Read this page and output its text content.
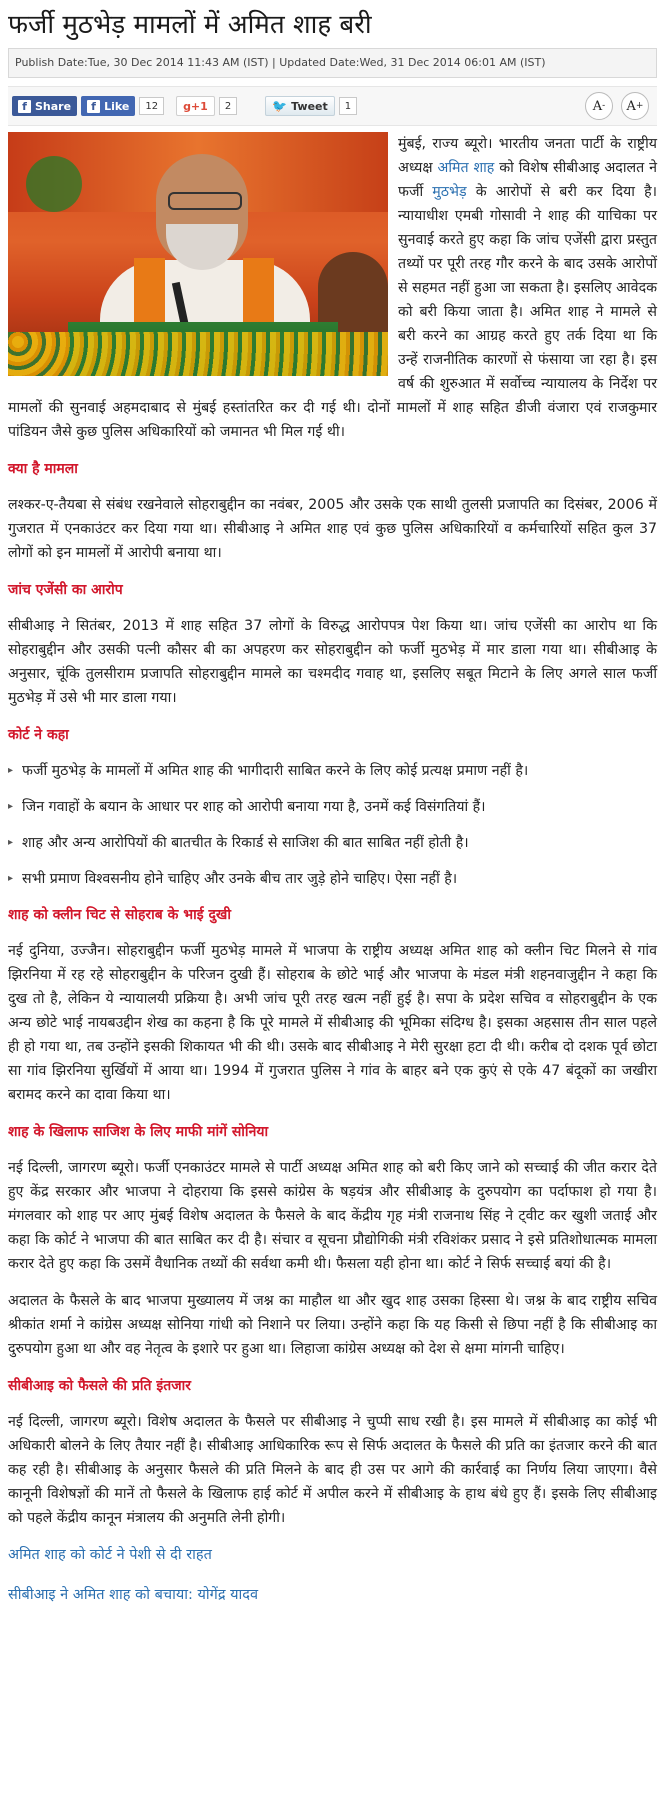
फर्जी मुठभेड़ मामलों में अमित शाह बरी
Publish Date:Tue, 30 Dec 2014 11:43 AM (IST) | Updated Date:Wed, 31 Dec 2014 06:01 AM (IST)
f Share	f Like	12	g+1	2	🐦 Tweet	1	A - A +

मुंबई, राज्य ब्यूरो। भारतीय जनता पार्टी के राष्ट्रीय अध्यक्ष अमित शाह को विशेष सीबीआइ अदालत ने फर्जी मुठभेड़ के आरोपों से बरी कर दिया है। न्यायाधीश एमबी गोसावी ने शाह की याचिका पर सुनवाई करते हुए कहा कि जांच एजेंसी द्वारा प्रस्तुत तथ्यों पर पूरी तरह गौर करने के बाद उसके आरोपों से सहमत नहीं हुआ जा सकता है। इसलिए आवेदक को बरी किया जाता है। अमित शाह ने मामले से बरी करने का आग्रह करते हुए तर्क दिया था कि उन्हें राजनीतिक कारणों से फंसाया जा रहा है। इस वर्ष की शुरुआत में सर्वोच्च न्यायालय के निर्देश पर मामलों की सुनवाई अहमदाबाद से मुंबई हस्तांतरित कर दी गई थी। दोनों मामलों में शाह सहित डीजी वंजारा एवं राजकुमार पांडियन जैसे कुछ पुलिस अधिकारियों को जमानत भी मिल गई थी।

क्या है मामला

लश्कर-ए-तैयबा से संबंध रखनेवाले सोहराबुद्दीन का नवंबर, 2005 और उसके एक साथी तुलसी प्रजापति का दिसंबर, 2006 में गुजरात में एनकाउंटर कर दिया गया था। सीबीआइ ने अमित शाह एवं कुछ पुलिस अधिकारियों व कर्मचारियों सहित कुल 37 लोगों को इन मामलों में आरोपी बनाया था।

जांच एजेंसी का आरोप

सीबीआइ ने सितंबर, 2013 में शाह सहित 37 लोगों के विरुद्ध आरोपपत्र पेश किया था। जांच एजेंसी का आरोप था कि सोहराबुद्दीन और उसकी पत्नी कौसर बी का अपहरण कर सोहराबुद्दीन को फर्जी मुठभेड़ में मार डाला गया था। सीबीआइ के अनुसार, चूंकि तुलसीराम प्रजापति सोहराबुद्दीन मामले का चश्मदीद गवाह था, इसलिए सबूत मिटाने के लिए अगले साल फर्जी मुठभेड़ में उसे भी मार डाला गया।

कोर्ट ने कहा
▸ फर्जी मुठभेड़ के मामलों में अमित शाह की भागीदारी साबित करने के लिए कोई प्रत्यक्ष प्रमाण नहीं है।
▸ जिन गवाहों के बयान के आधार पर शाह को आरोपी बनाया गया है, उनमें कई विसंगतियां हैं।
▸ शाह और अन्य आरोपियों की बातचीत के रिकार्ड से साजिश की बात साबित नहीं होती है।
▸ सभी प्रमाण विश्वसनीय होने चाहिए और उनके बीच तार जुड़े होने चाहिए। ऐसा नहीं है।
शाह को क्लीन चिट से सोहराब के भाई दुखी

नई दुनिया, उज्जैन। सोहराबुद्दीन फर्जी मुठभेड़ मामले में भाजपा के राष्ट्रीय अध्यक्ष अमित शाह को क्लीन चिट मिलने से गांव झिरनिया में रह रहे सोहराबुद्दीन के परिजन दुखी हैं। सोहराब के छोटे भाई और भाजपा के मंडल मंत्री शहनवाजुद्दीन ने कहा कि दुख तो है, लेकिन ये न्यायालयी प्रक्रिया है। अभी जांच पूरी तरह खत्म नहीं हुई है। सपा के प्रदेश सचिव व सोहराबुद्दीन के एक अन्य छोटे भाई नायबउद्दीन शेख का कहना है कि पूरे मामले में सीबीआइ की भूमिका संदिग्ध है। इसका अहसास तीन साल पहले ही हो गया था, तब उन्होंने इसकी शिकायत भी की थी। उसके बाद सीबीआइ ने मेरी सुरक्षा हटा दी थी। करीब दो दशक पूर्व छोटा सा गांव झिरनिया सुर्खियों में आया था। 1994 में गुजरात पुलिस ने गांव के बाहर बने एक कुएं से एके 47 बंदूकों का जखीरा बरामद करने का दावा किया था।

शाह के खिलाफ साजिश के लिए माफी मांगें सोनिया

नई दिल्ली, जागरण ब्यूरो। फर्जी एनकाउंटर मामले से पार्टी अध्यक्ष अमित शाह को बरी किए जाने को सच्चाई की जीत करार देते हुए केंद्र सरकार और भाजपा ने दोहराया कि इससे कांग्रेस के षड़यंत्र और सीबीआइ के दुरुपयोग का पर्दाफाश हो गया है। मंगलवार को शाह पर आए मुंबई विशेष अदालत के फैसले के बाद केंद्रीय गृह मंत्री राजनाथ सिंह ने ट्वीट कर खुशी जताई और कहा कि कोर्ट ने भाजपा की बात साबित कर दी है। संचार व सूचना प्रौद्योगिकी मंत्री रविशंकर प्रसाद ने इसे प्रतिशोधात्मक मामला करार देते हुए कहा कि उसमें वैधानिक तथ्यों की सर्वथा कमी थी। फैसला यही होना था। कोर्ट ने सिर्फ सच्चाई बयां की है।

अदालत के फैसले के बाद भाजपा मुख्यालय में जश्न का माहौल था और खुद शाह उसका हिस्सा थे। जश्न के बाद राष्ट्रीय सचिव श्रीकांत शर्मा ने कांग्रेस अध्यक्ष सोनिया गांधी को निशाने पर लिया। उन्होंने कहा कि यह किसी से छिपा नहीं है कि सीबीआइ का दुरुपयोग हुआ था और वह नेतृत्व के इशारे पर हुआ था। लिहाजा कांग्रेस अध्यक्ष को देश से क्षमा मांगनी चाहिए।

सीबीआइ को फैसले की प्रति इंतजार

नई दिल्ली, जागरण ब्यूरो। विशेष अदालत के फैसले पर सीबीआइ ने चुप्पी साध रखी है। इस मामले में सीबीआइ का कोई भी अधिकारी बोलने के लिए तैयार नहीं है। सीबीआइ आधिकारिक रूप से सिर्फ अदालत के फैसले की प्रति का इंतजार करने की बात कह रही है। सीबीआइ के अनुसार फैसले की प्रति मिलने के बाद ही उस पर आगे की कार्रवाई का निर्णय लिया जाएगा। वैसे कानूनी विशेषज्ञों की मानें तो फैसले के खिलाफ हाई कोर्ट में अपील करने में सीबीआइ के हाथ बंधे हुए हैं। इसके लिए सीबीआइ को पहले केंद्रीय कानून मंत्रालय की अनुमति लेनी होगी।

अमित शाह को कोर्ट ने पेशी से दी राहत
सीबीआइ ने अमित शाह को बचाया: योगेंद्र यादव
